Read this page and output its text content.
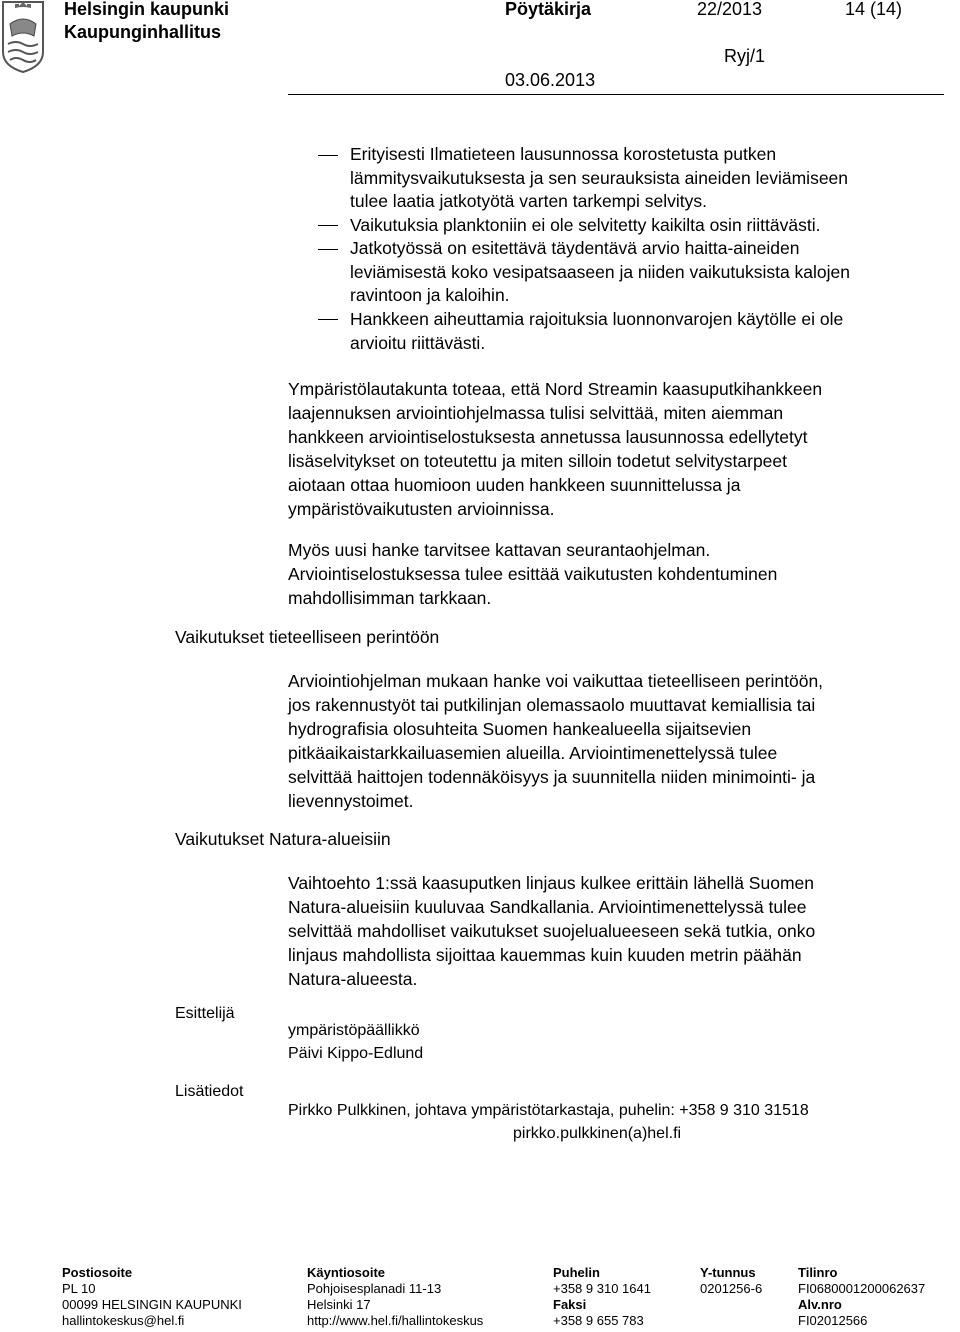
Helsingin kaupunki
Kaupunginhallitus
Pöytäkirja	22/2013	14 (14)
Ryj/1
03.06.2013
Erityisesti Ilmatieteen lausunnossa korostetusta putken
lämmitysvaikutuksesta ja sen seurauksista aineiden leviämiseen
tulee laatia jatkotyötä varten tarkempi selvitys.
Vaikutuksia planktoniin ei ole selvitetty kaikilta osin riittävästi.
Jatkotyössä on esitettävä täydentävä arvio haitta-aineiden
leviämisestä koko vesipatsaaseen ja niiden vaikutuksista kalojen
ravintoon ja kaloihin.
Hankkeen aiheuttamia rajoituksia luonnonvarojen käytölle ei ole
arvioitu riittävästi.
Ympäristölautakunta toteaa, että Nord Streamin kaasuputkihankkeen
laajennuksen arviointiohjelmassa tulisi selvittää, miten aiemman
hankkeen arviointiselostuksesta annetussa lausunnossa edellytetyt
lisäselvitykset on toteutettu ja miten silloin todetut selvitystarpeet
aiotaan ottaa huomioon uuden hankkeen suunnittelussa ja
ympäristövaikutusten arvioinnissa.
Myös uusi hanke tarvitsee kattavan seurantaohjelman.
Arviointiselostuksessa tulee esittää vaikutusten kohdentuminen
mahdollisimman tarkkaan.
Vaikutukset tieteelliseen perintöön
Arviointiohjelman mukaan hanke voi vaikuttaa tieteelliseen perintöön,
jos rakennustyöt tai putkilinjan olemassaolo muuttavat kemiallisia tai
hydrografisia olosuhteita Suomen hankealueella sijaitsevien
pitkäaikaistarkkailuasemien alueilla. Arviointimenettelyssä tulee
selvittää haittojen todennäköisyys ja suunnitella niiden minimointi- ja
lievennystoimet.
Vaikutukset Natura-alueisiin
Vaihtoehto 1:ssä kaasuputken linjaus kulkee erittäin lähellä Suomen
Natura-alueisiin kuuluvaa Sandkallania. Arviointimenettelyssä tulee
selvittää mahdolliset vaikutukset suojelualueeseen sekä tutkia, onko
linjaus mahdollista sijoittaa kauemmas kuin kuuden metrin päähän
Natura-alueesta.
Esittelijä
ympäristöpäällikkö
Päivi Kippo-Edlund
Lisätiedot
Pirkko Pulkkinen, johtava ympäristötarkastaja, puhelin: +358 9 310 31518
pirkko.pulkkinen(a)hel.fi
Postiosoite
PL 10
00099 HELSINGIN KAUPUNKI
hallintokeskus@hel.fi
Käyntiosoite
Pohjoisesplanadi 11-13
Helsinki 17
http://www.hel.fi/hallintokeskus
Puhelin
+358 9 310 1641
Faksi
+358 9 655 783
Y-tunnus
0201256-6
Tilinro
FI0680001200062637
Alv.nro
FI02012566
